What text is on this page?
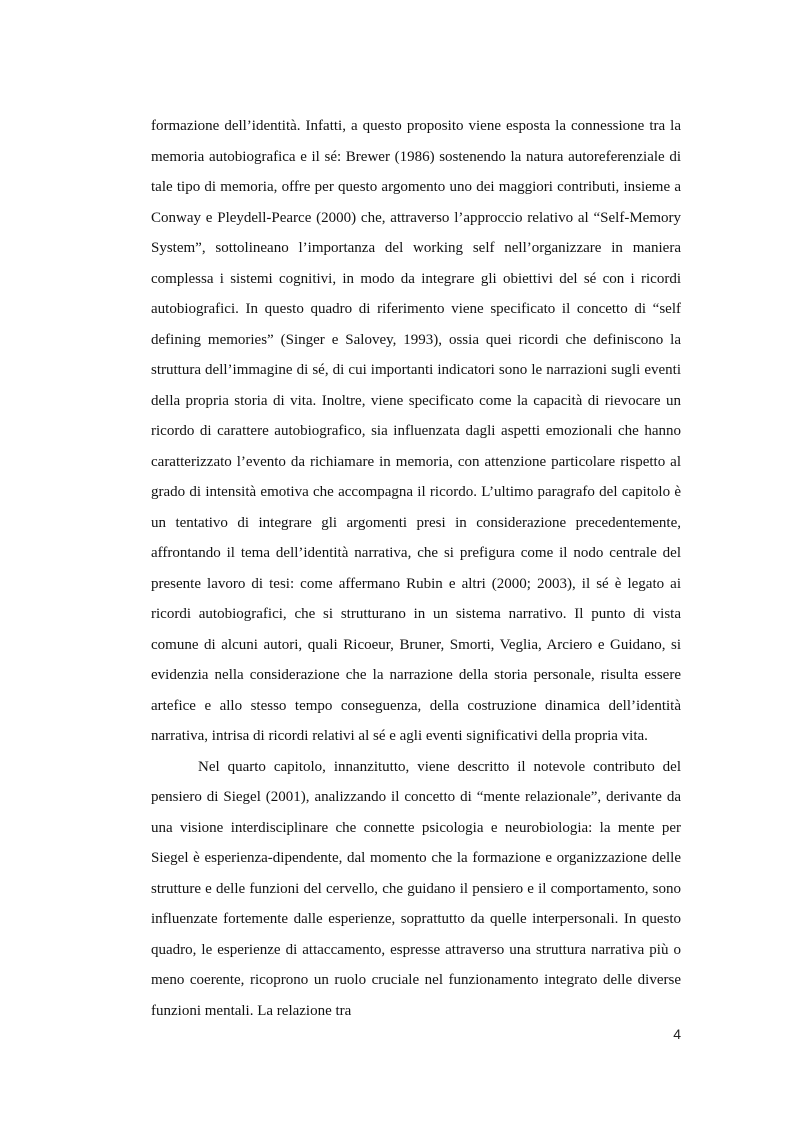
formazione dell’identità. Infatti, a questo proposito viene esposta la connessione tra la memoria autobiografica e il sé: Brewer (1986) sostenendo la natura autoreferenziale di tale tipo di memoria, offre per questo argomento uno dei maggiori contributi, insieme a Conway e Pleydell-Pearce (2000) che, attraverso l’approccio relativo al “Self-Memory System”, sottolineano l’importanza del working self nell’organizzare in maniera complessa i sistemi cognitivi, in modo da integrare gli obiettivi del sé con i ricordi autobiografici. In questo quadro di riferimento viene specificato il concetto di “self defining memories” (Singer e Salovey, 1993), ossia quei ricordi che definiscono la struttura dell’immagine di sé, di cui importanti indicatori sono le narrazioni sugli eventi della propria storia di vita. Inoltre, viene specificato come la capacità di rievocare un ricordo di carattere autobiografico, sia influenzata dagli aspetti emozionali che hanno caratterizzato l’evento da richiamare in memoria, con attenzione particolare rispetto al grado di intensità emotiva che accompagna il ricordo. L’ultimo paragrafo del capitolo è un tentativo di integrare gli argomenti presi in considerazione precedentemente, affrontando il tema dell’identità narrativa, che si prefigura come il nodo centrale del presente lavoro di tesi: come affermano Rubin e altri (2000; 2003), il sé è legato ai ricordi autobiografici, che si strutturano in un sistema narrativo. Il punto di vista comune di alcuni autori, quali Ricoeur, Bruner, Smorti, Veglia, Arciero e Guidano, si evidenzia nella considerazione che la narrazione della storia personale, risulta essere artefice e allo stesso tempo conseguenza, della costruzione dinamica dell’identità narrativa, intrisa di ricordi relativi al sé e agli eventi significativi della propria vita.

Nel quarto capitolo, innanzitutto, viene descritto il notevole contributo del pensiero di Siegel (2001), analizzando il concetto di “mente relazionale”, derivante da una visione interdisciplinare che connette psicologia e neurobiologia: la mente per Siegel è esperienza-dipendente, dal momento che la formazione e organizzazione delle strutture e delle funzioni del cervello, che guidano il pensiero e il comportamento, sono influenzate fortemente dalle esperienze, soprattutto da quelle interpersonali. In questo quadro, le esperienze di attaccamento, espresse attraverso una struttura narrativa più o meno coerente, ricoprono un ruolo cruciale nel funzionamento integrato delle diverse funzioni mentali. La relazione tra

4
